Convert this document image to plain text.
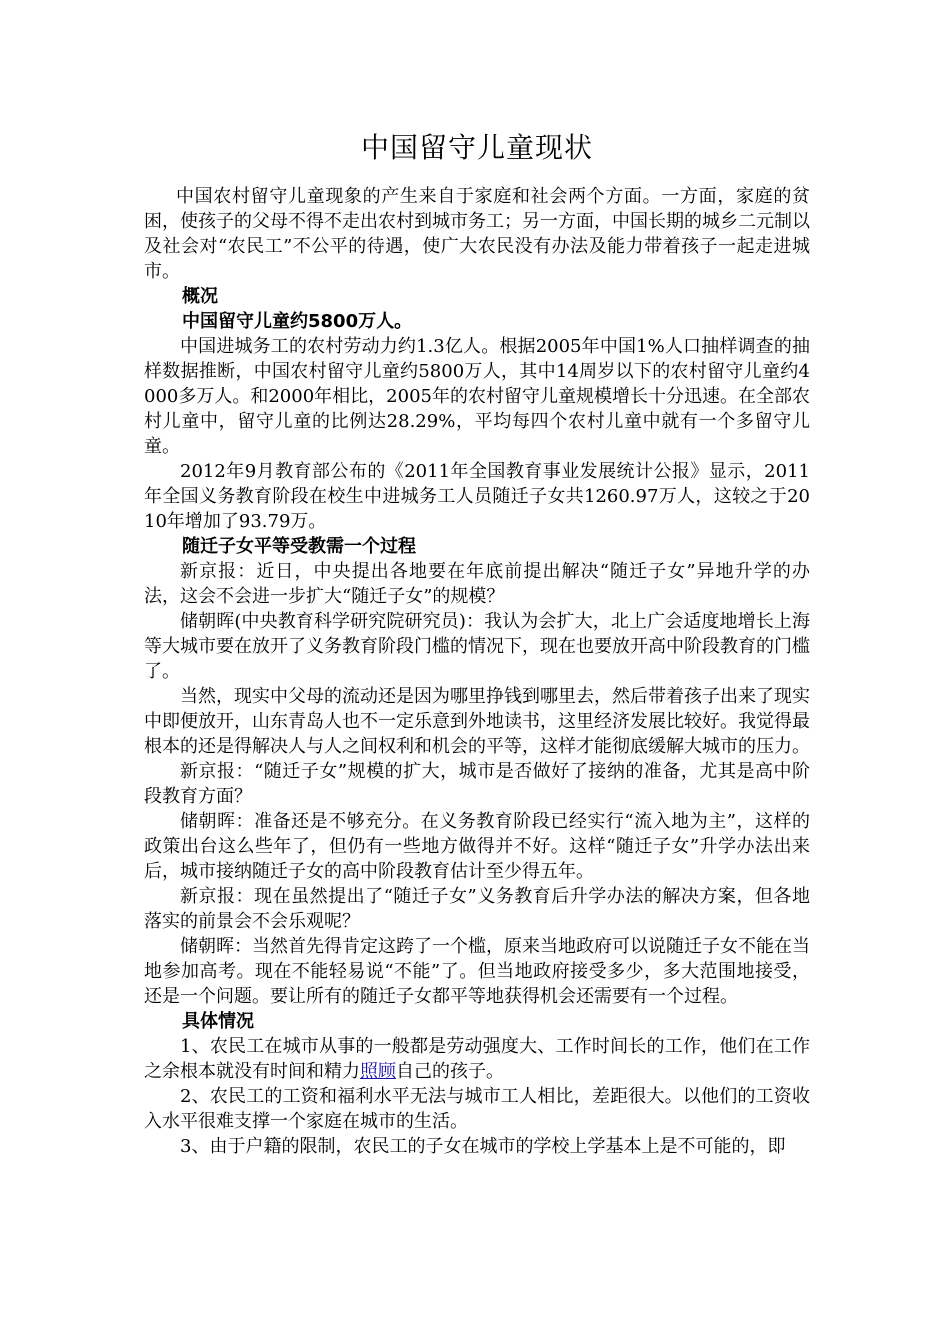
中国留守儿童现状

中国农村留守儿童现象的产生来自于家庭和社会两个方面。一方面，家庭的贫困，使孩子的父母不得不走出农村到城市务工；另一方面，中国长期的城乡二元制以及社会对“农民工”不公平的待遇，使广大农民没有办法及能力带着孩子一起走进城市。

概况

中国留守儿童约5800万人。

中国进城务工的农村劳动力约1.3亿人。根据2005年中国1%人口抽样调查的抽样数据推断，中国农村留守儿童约5800万人，其中14周岁以下的农村留守儿童约4000多万人。和2000年相比，2005年的农村留守儿童规模增长十分迅速。在全部农村儿童中，留守儿童的比例达28.29%，平均每四个农村儿童中就有一个多留守儿童。

2012年9月教育部公布的《2011年全国教育事业发展统计公报》显示，2011年全国义务教育阶段在校生中进城务工人员随迁子女共1260.97万人，这较之于2010年增加了93.79万。

随迁子女平等受教需一个过程

新京报：近日，中央提出各地要在年底前提出解决“随迁子女”异地升学的办法，这会不会进一步扩大“随迁子女”的规模？

储朝晖(中央教育科学研究院研究员)：我认为会扩大，北上广会适度地增长上海等大城市要在放开了义务教育阶段门槛的情况下，现在也要放开高中阶段教育的门槛了。

当然，现实中父母的流动还是因为哪里挣钱到哪里去，然后带着孩子出来了现实中即便放开，山东青岛人也不一定乐意到外地读书，这里经济发展比较好。我觉得最根本的还是得解决人与人之间权利和机会的平等，这样才能彻底缓解大城市的压力。

新京报：“随迁子女”规模的扩大，城市是否做好了接纳的准备，尤其是高中阶段教育方面？

储朝晖：准备还是不够充分。在义务教育阶段已经实行“流入地为主”，这样的政策出台这么些年了，但仍有一些地方做得并不好。这样“随迁子女”升学办法出来后，城市接纳随迁子女的高中阶段教育估计至少得五年。

新京报：现在虽然提出了“随迁子女”义务教育后升学办法的解决方案，但各地落实的前景会不会乐观呢？

储朝晖：当然首先得肯定这跨了一个槛，原来当地政府可以说随迁子女不能在当地参加高考。现在不能轻易说“不能”了。但当地政府接受多少，多大范围地接受，还是一个问题。要让所有的随迁子女都平等地获得机会还需要有一个过程。

具体情况

1、农民工在城市从事的一般都是劳动强度大、工作时间长的工作，他们在工作之余根本就没有时间和精力照顾自己的孩子。

2、农民工的工资和福利水平无法与城市工人相比，差距很大。以他们的工资收入水平很难支撑一个家庭在城市的生活。

3、由于户籍的限制，农民工的子女在城市的学校上学基本上是不可能的，即
